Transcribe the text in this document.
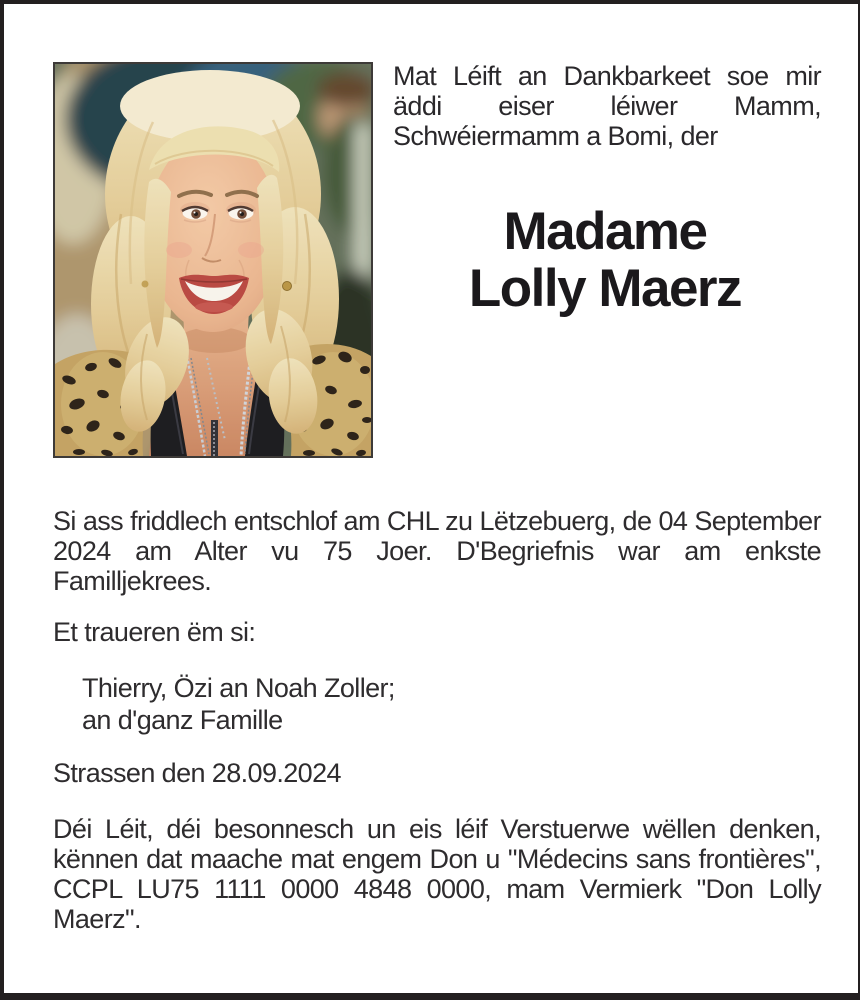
Mat Léift an Dankbarkeet soe mir äddi eiser léiwer Mamm, Schwéiermamm a Bomi, der

Madame
Lolly Maerz

Si ass friddlech entschlof am CHL zu Lëtzebuerg, de 04 September 2024 am Alter vu 75 Joer. D'Begriefnis war am enkste Familljekrees.

Et traueren ëm si:

Thierry, Özi an Noah Zoller;

an d'ganz Famille

Strassen den 28.09.2024

Déi Léit, déi besonnesch un eis léif Verstuerwe wëllen denken, kënnen dat maache mat engem Don u "Médecins sans frontières", CCPL LU75 1111 0000 4848 0000, mam Vermierk "Don Lolly Maerz".
